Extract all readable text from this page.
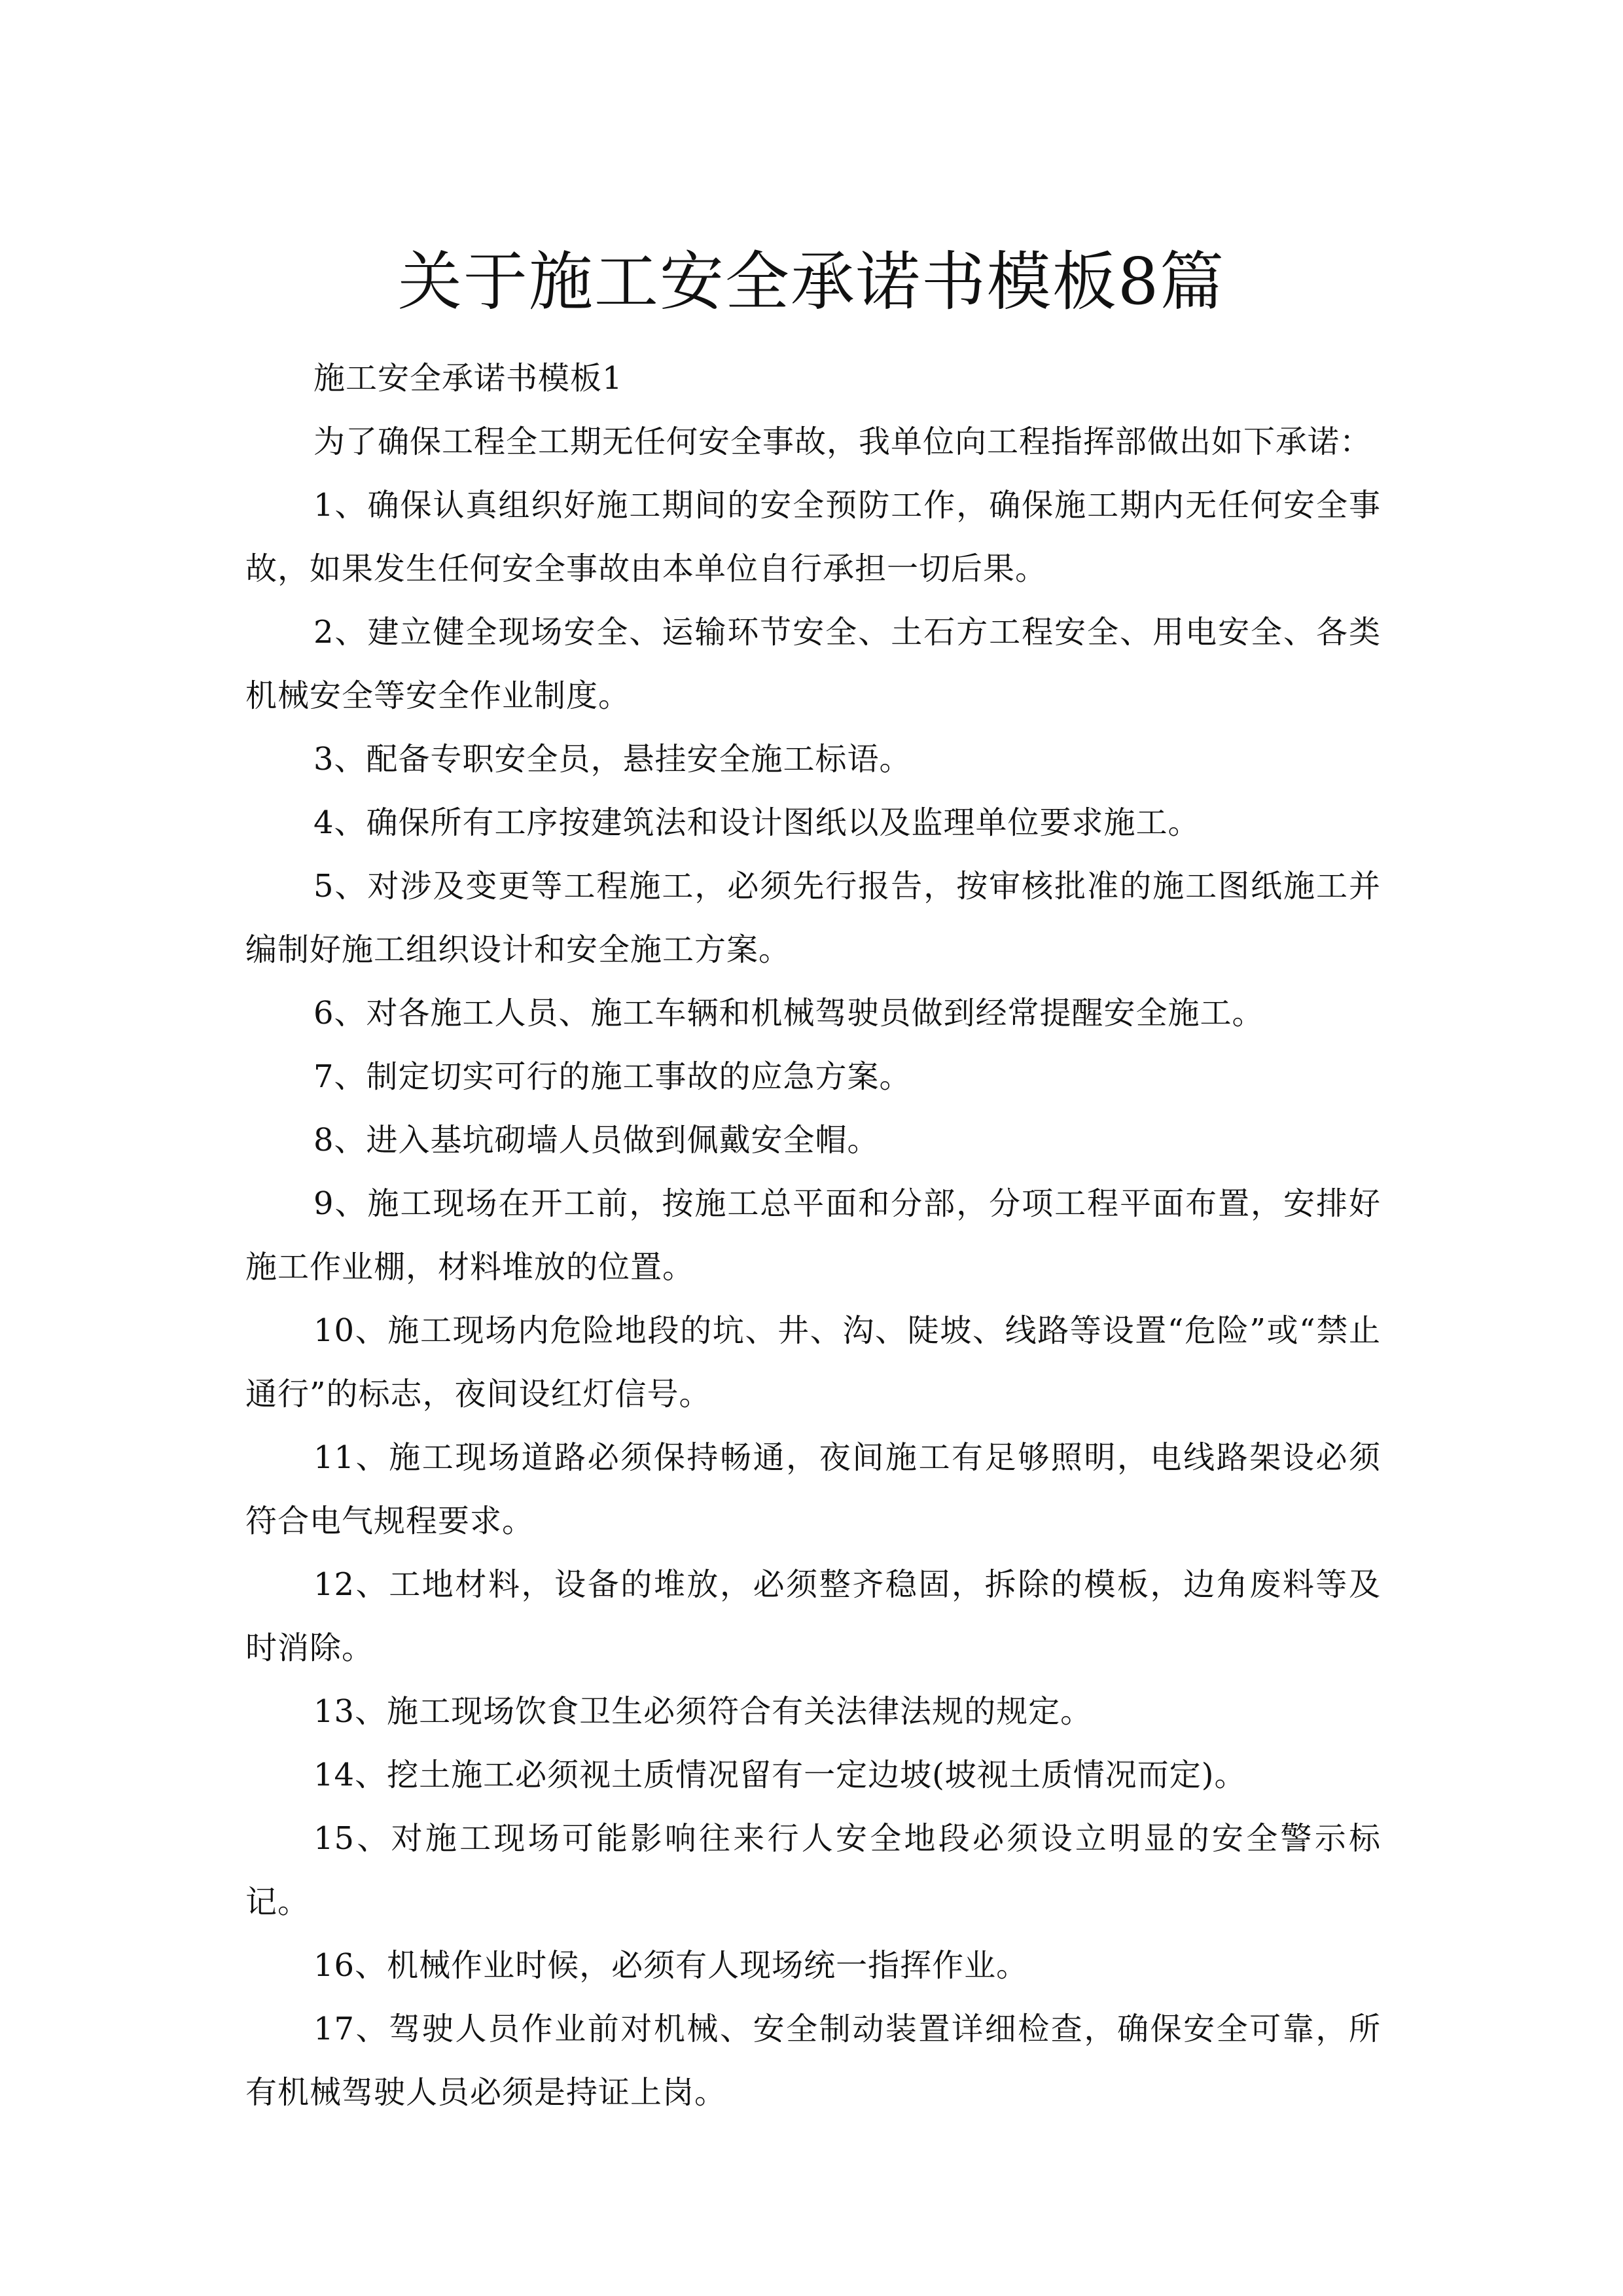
关于施工安全承诺书模板8篇

施工安全承诺书模板1

为了确保工程全工期无任何安全事故，我单位向工程指挥部做出如下承诺：

1、确保认真组织好施工期间的安全预防工作，确保施工期内无任何安全事故，如果发生任何安全事故由本单位自行承担一切后果。

2、建立健全现场安全、运输环节安全、土石方工程安全、用电安全、各类机械安全等安全作业制度。

3、配备专职安全员，悬挂安全施工标语。

4、确保所有工序按建筑法和设计图纸以及监理单位要求施工。

5、对涉及变更等工程施工，必须先行报告，按审核批准的施工图纸施工并编制好施工组织设计和安全施工方案。

6、对各施工人员、施工车辆和机械驾驶员做到经常提醒安全施工。

7、制定切实可行的施工事故的应急方案。

8、进入基坑砌墙人员做到佩戴安全帽。

9、施工现场在开工前，按施工总平面和分部，分项工程平面布置，安排好施工作业棚，材料堆放的位置。

10、施工现场内危险地段的坑、井、沟、陡坡、线路等设置“危险”或“禁止通行”的标志，夜间设红灯信号。

11、施工现场道路必须保持畅通，夜间施工有足够照明，电线路架设必须符合电气规程要求。

12、工地材料，设备的堆放，必须整齐稳固，拆除的模板，边角废料等及时消除。

13、施工现场饮食卫生必须符合有关法律法规的规定。

14、挖土施工必须视土质情况留有一定边坡(坡视土质情况而定)。

15、对施工现场可能影响往来行人安全地段必须设立明显的安全警示标记。

16、机械作业时候，必须有人现场统一指挥作业。

17、驾驶人员作业前对机械、安全制动装置详细检查，确保安全可靠，所有机械驾驶人员必须是持证上岗。
